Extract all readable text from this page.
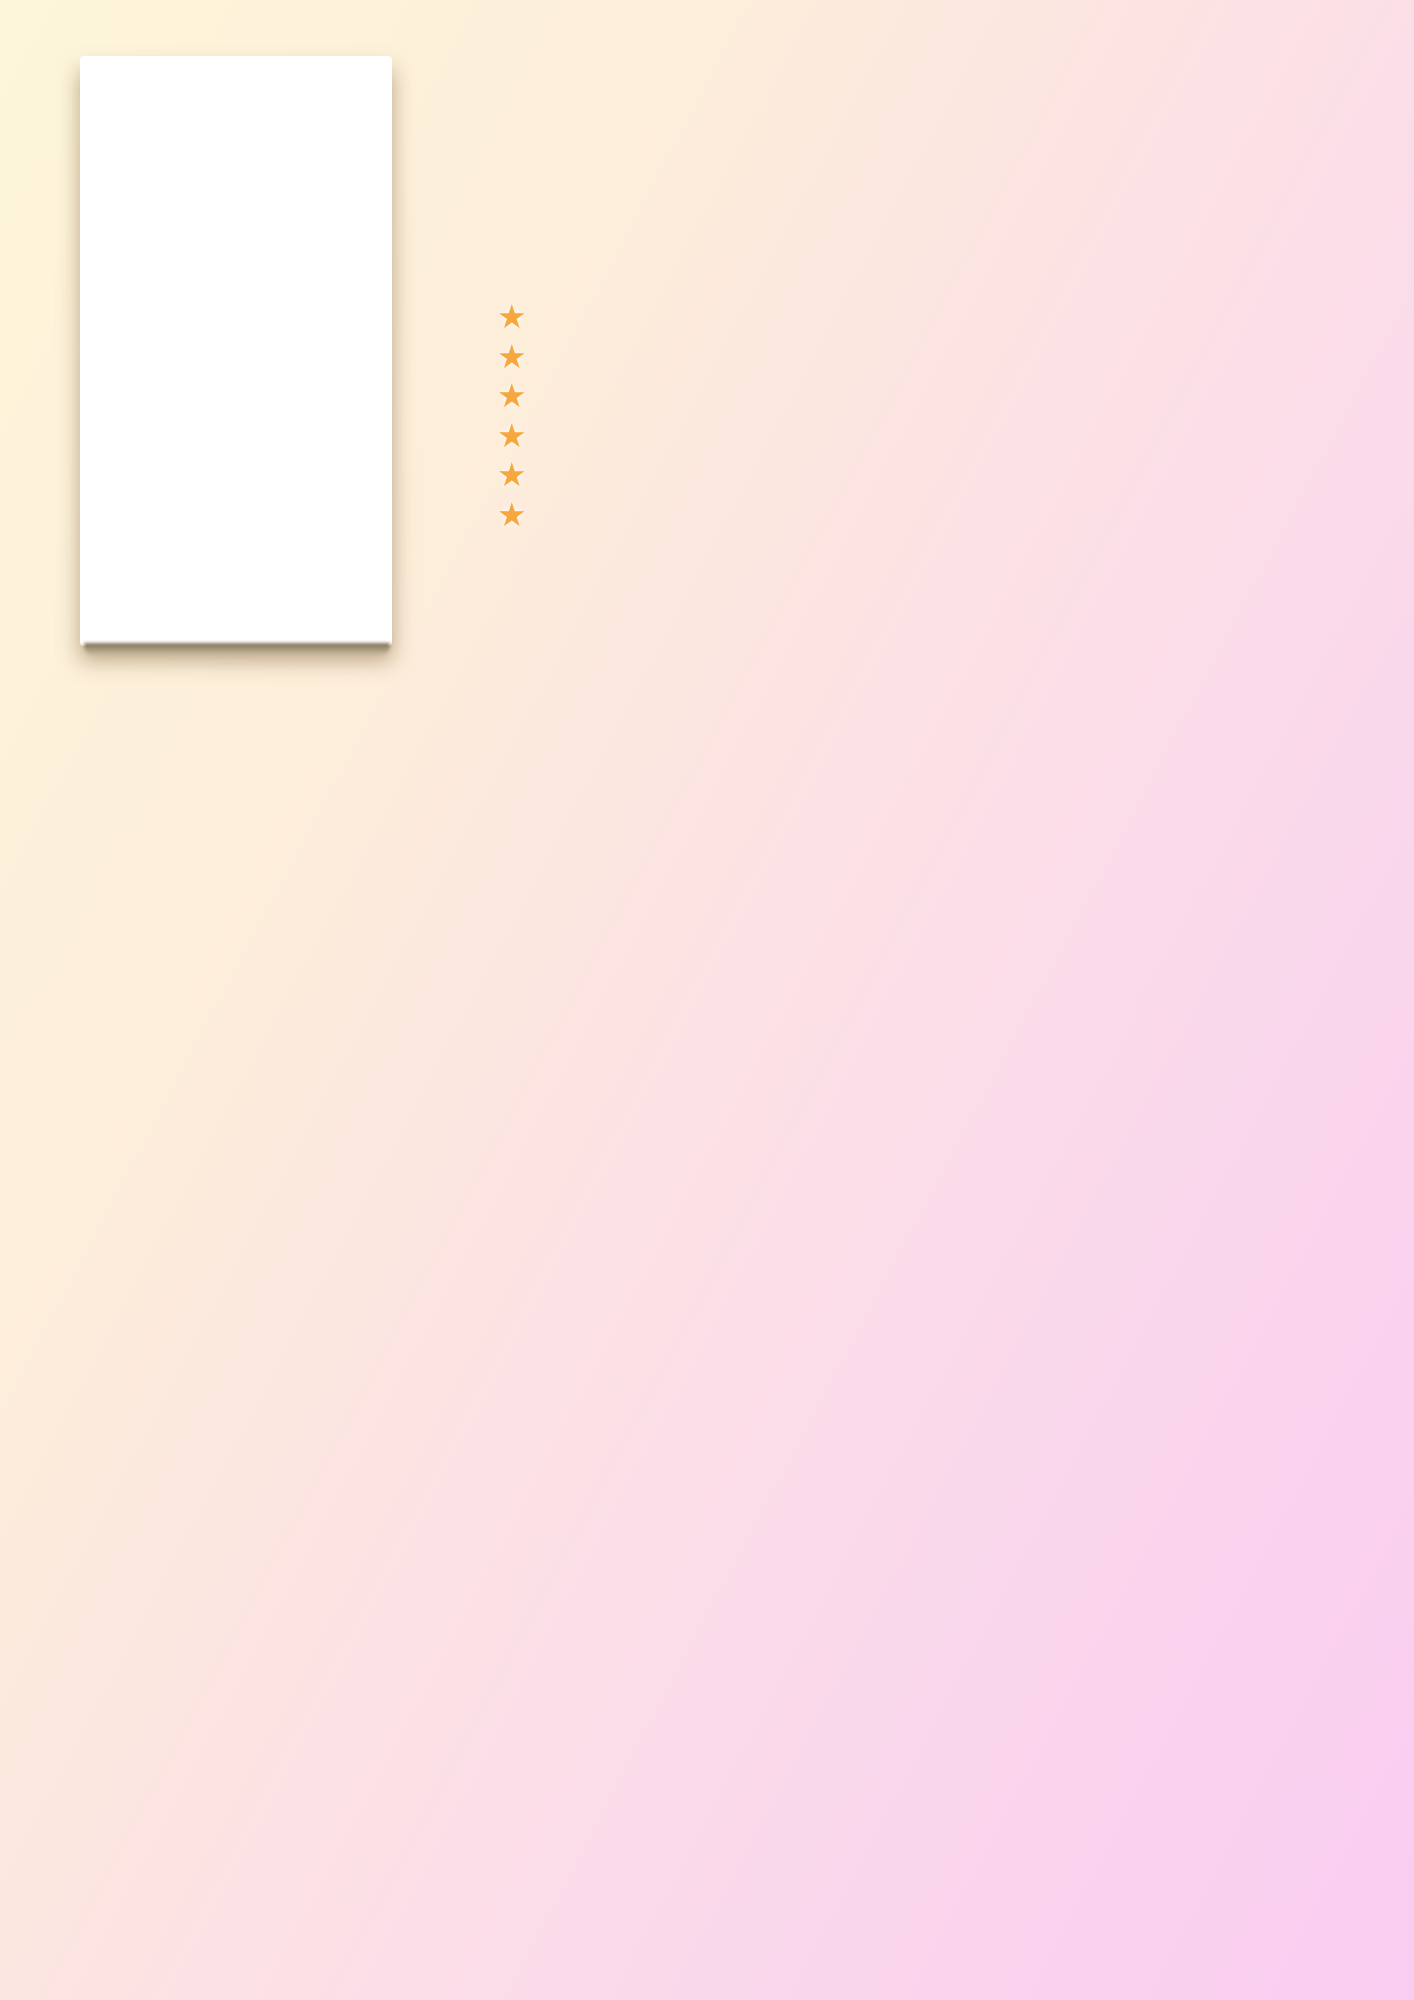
★
★
★
★
★
★
